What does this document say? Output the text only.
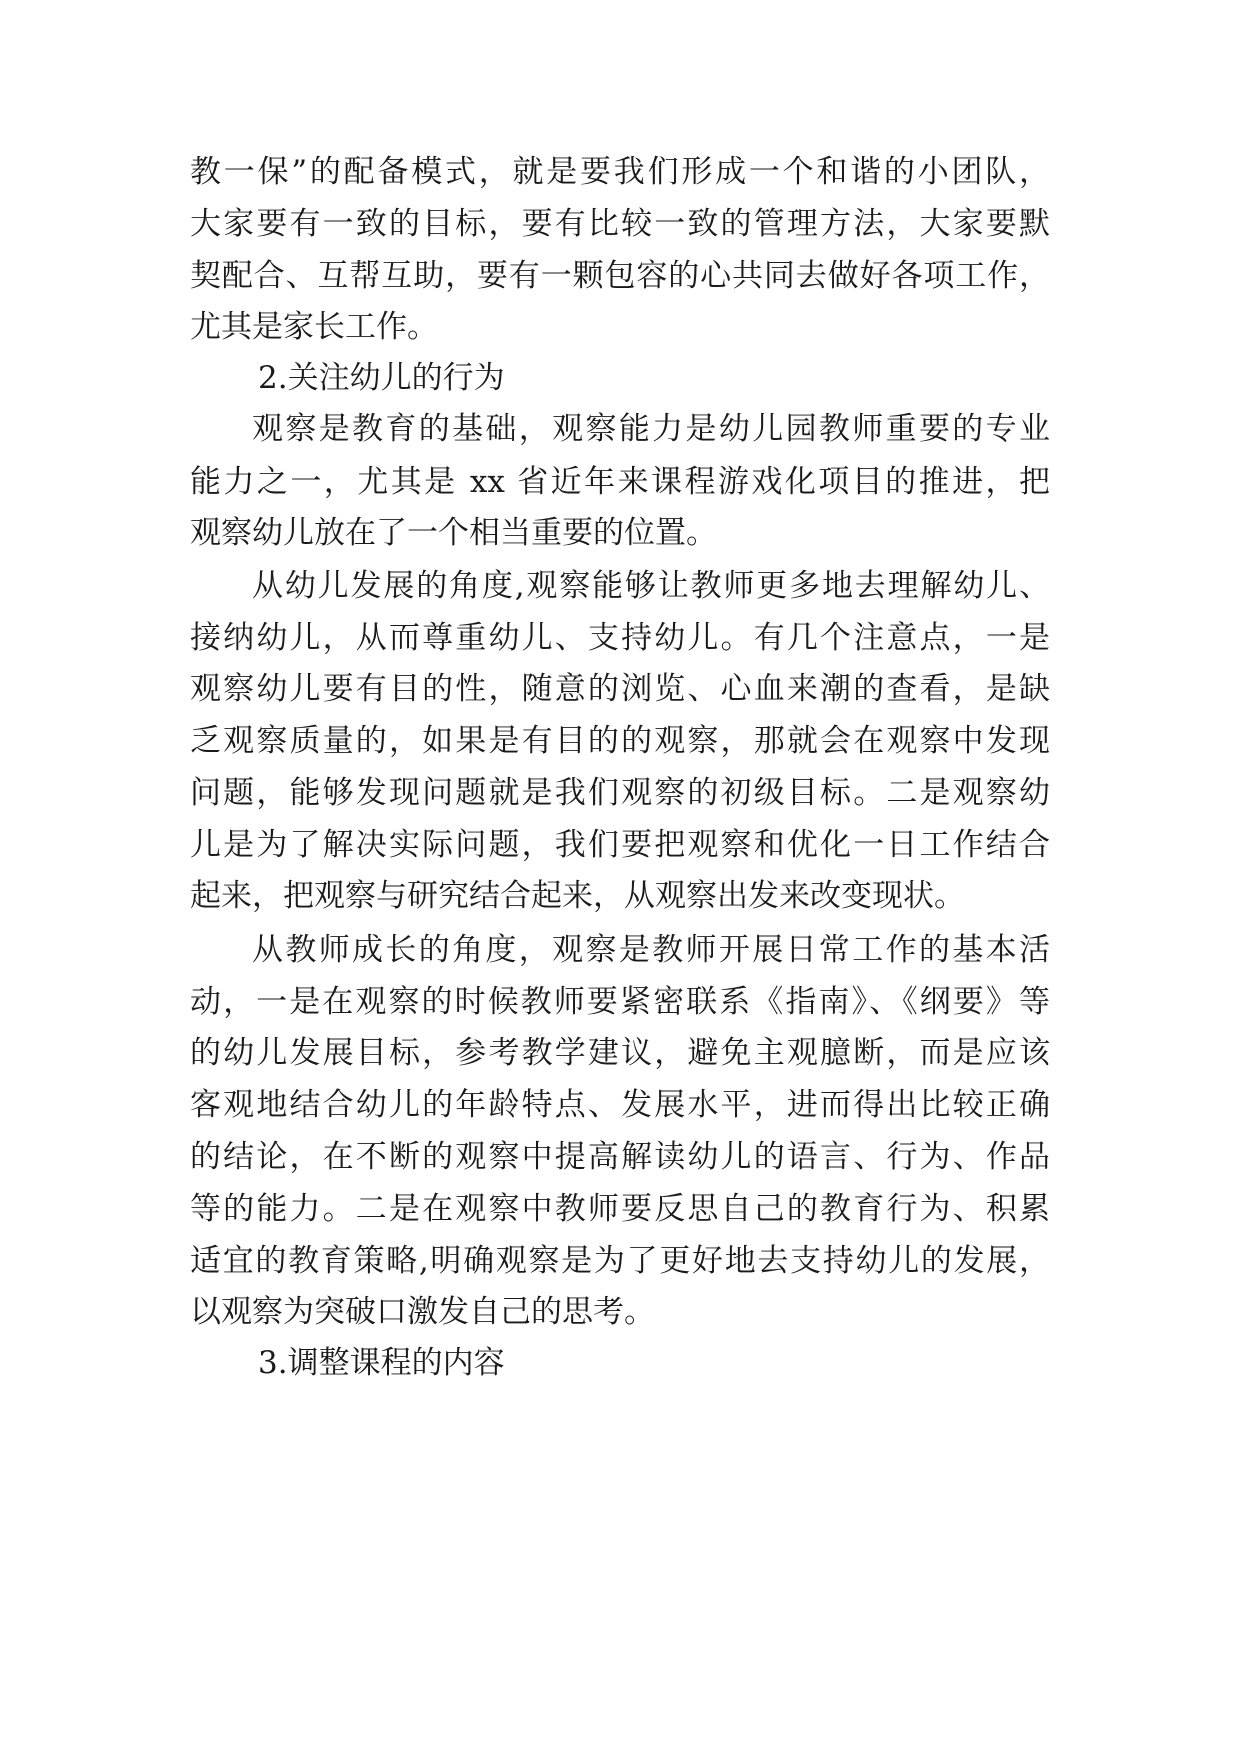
教一保”的配备模式，就是要我们形成一个和谐的小团队，
大家要有一致的目标，要有比较一致的管理方法，大家要默
契配合、互帮互助，要有一颗包容的心共同去做好各项工作，
尤其是家长工作。
2.关注幼儿的行为
观察是教育的基础，观察能力是幼儿园教师重要的专业
能力之一，尤其是 xx 省近年来课程游戏化项目的推进，把
观察幼儿放在了一个相当重要的位置。
从幼儿发展的角度,观察能够让教师更多地去理解幼儿、
接纳幼儿，从而尊重幼儿、支持幼儿。有几个注意点，一是
观察幼儿要有目的性，随意的浏览、心血来潮的查看，是缺
乏观察质量的，如果是有目的的观察，那就会在观察中发现
问题，能够发现问题就是我们观察的初级目标。二是观察幼
儿是为了解决实际问题，我们要把观察和优化一日工作结合
起来，把观察与研究结合起来，从观察出发来改变现状。
从教师成长的角度，观察是教师开展日常工作的基本活
动，一是在观察的时候教师要紧密联系《指南》、《纲要》等
的幼儿发展目标，参考教学建议，避免主观臆断，而是应该
客观地结合幼儿的年龄特点、发展水平，进而得出比较正确
的结论，在不断的观察中提高解读幼儿的语言、行为、作品
等的能力。二是在观察中教师要反思自己的教育行为、积累
适宜的教育策略,明确观察是为了更好地去支持幼儿的发展，
以观察为突破口激发自己的思考。
3.调整课程的内容
